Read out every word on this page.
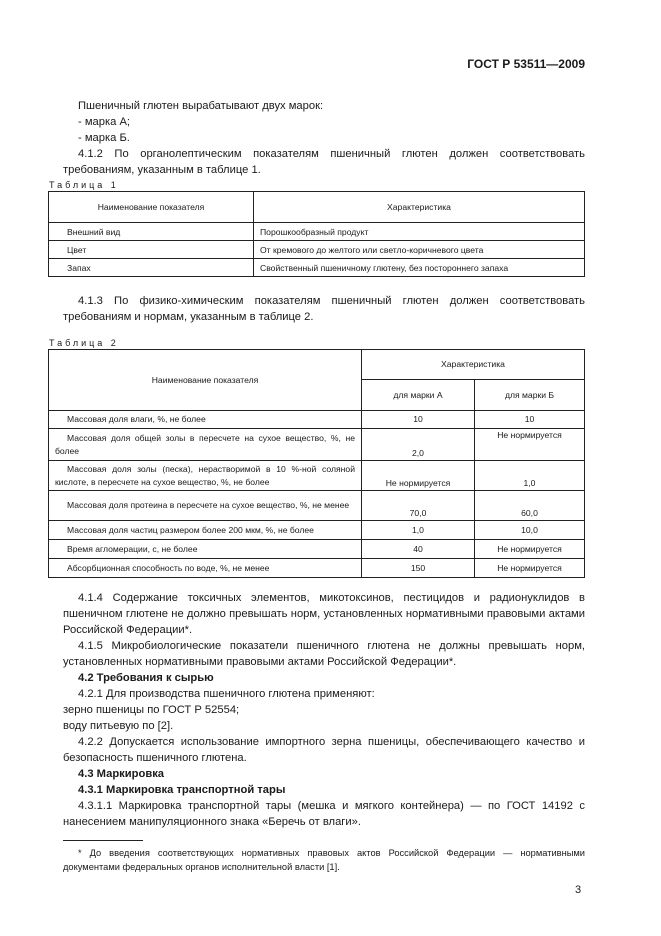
ГОСТ Р 53511—2009
Пшеничный глютен вырабатывают двух марок:
- марка А;
- марка Б.
4.1.2 По органолептическим показателям пшеничный глютен должен соответствовать требованиям, указанным в таблице 1.
Таблица 1
Наименование показателя	Характеристика
Внешний вид	Порошкообразный продукт
Цвет	От кремового до желтого или светло-коричневого цвета
Запах	Свойственный пшеничному глютену, без постороннего запаха
4.1.3 По физико-химическим показателям пшеничный глютен должен соответствовать требованиям и нормам, указанным в таблице 2.
Таблица 2
Наименование показателя	Характеристика	
	для марки А	для марки Б
Массовая доля влаги, %, не более	10	10
Массовая доля общей золы в пересчете на сухое вещество, %, не более	2,0	Не нормируется
Массовая доля золы (песка), нерастворимой в 10 %-ной соляной кислоте, в пересчете на сухое вещество, %, не более	Не нормируется	1,0
Массовая доля протеина в пересчете на сухое вещество, %, не менее	70,0	60,0
Массовая доля частиц размером более 200 мкм, %, не более	1,0	10,0
Время агломерации, с, не более	40	Не нормируется
Абсорбционная способность по воде, %, не менее	150	Не нормируется
4.1.4 Содержание токсичных элементов, микотоксинов, пестицидов и радионуклидов в пшеничном глютене не должно превышать норм, установленных нормативными правовыми актами Российской Федерации*.
4.1.5 Микробиологические показатели пшеничного глютена не должны превышать норм, установленных нормативными правовыми актами Российской Федерации*.
4.2 Требования к сырью
4.2.1 Для производства пшеничного глютена применяют:
зерно пшеницы по ГОСТ Р 52554;
воду питьевую по [2].
4.2.2 Допускается использование импортного зерна пшеницы, обеспечивающего качество и безопасность пшеничного глютена.
4.3 Маркировка
4.3.1 Маркировка транспортной тары
4.3.1.1 Маркировка транспортной тары (мешка и мягкого контейнера) — по ГОСТ 14192 с нанесением манипуляционного знака «Беречь от влаги».
* До введения соответствующих нормативных правовых актов Российской Федерации — нормативными документами федеральных органов исполнительной власти [1].
3
